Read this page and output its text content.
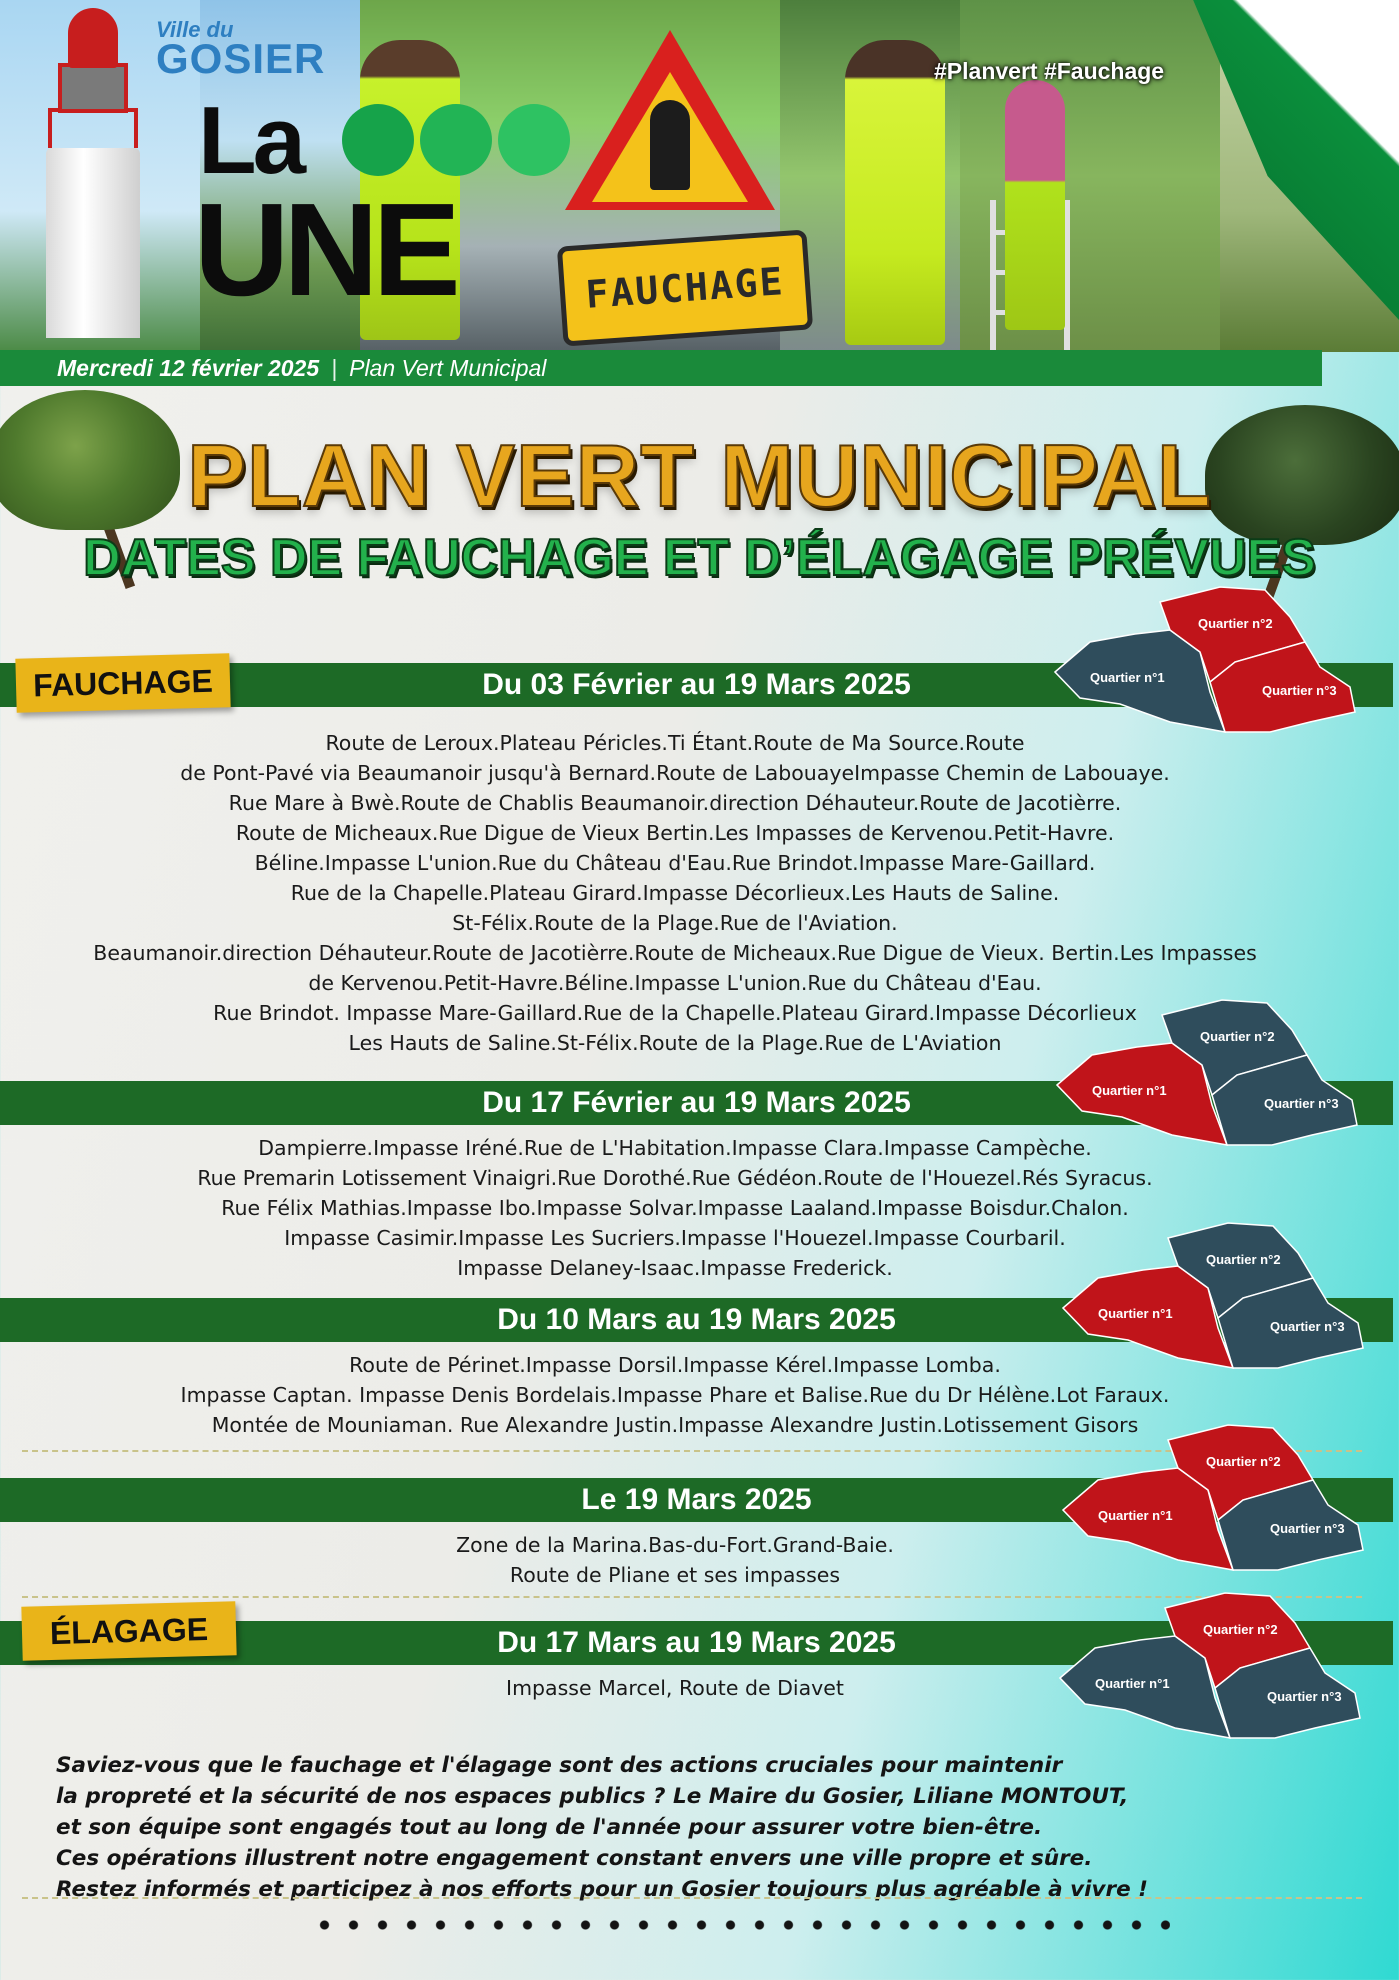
FAUCHAGE
Ville du
GOSIER
La
UNE
#Planvert #Fauchage
Mercredi 12 février 2025 | Plan Vert Municipal
PLAN VERT MUNICIPAL
DATES DE FAUCHAGE ET D’ÉLAGAGE PRÉVUES
Du 03 Février au 19 Mars 2025
FAUCHAGE	Quartier n°1
Quartier n°2
Quartier n°3
Route de Leroux.Plateau Péricles.Ti Étant.Route de Ma Source.Route
de Pont-Pavé via Beaumanoir jusqu'à Bernard.Route de LabouayeImpasse Chemin de Labouaye.
Rue Mare à Bwè.Route de Chablis Beaumanoir.direction Déhauteur.Route de Jacotièrre.
Route de Micheaux.Rue Digue de Vieux Bertin.Les Impasses de Kervenou.Petit-Havre.
Béline.Impasse L'union.Rue du Château d'Eau.Rue Brindot.Impasse Mare-Gaillard.
Rue de la Chapelle.Plateau Girard.Impasse Décorlieux.Les Hauts de Saline.
St-Félix.Route de la Plage.Rue de l'Aviation.
Beaumanoir.direction Déhauteur.Route de Jacotièrre.Route de Micheaux.Rue Digue de Vieux. Bertin.Les Impasses
de Kervenou.Petit-Havre.Béline.Impasse L'union.Rue du Château d'Eau.
Rue Brindot. Impasse Mare-Gaillard.Rue de la Chapelle.Plateau Girard.Impasse Décorlieux
Les Hauts de Saline.St-Félix.Route de la Plage.Rue de L'Aviation
Du 17 Février au 19 Mars 2025	Quartier n°1
Quartier n°2
Quartier n°3
Dampierre.Impasse Iréné.Rue de L'Habitation.Impasse Clara.Impasse Campèche.
Rue Premarin Lotissement Vinaigri.Rue Dorothé.Rue Gédéon.Route de l'Houezel.Rés Syracus.
Rue Félix Mathias.Impasse Ibo.Impasse Solvar.Impasse Laaland.Impasse Boisdur.Chalon.
Impasse Casimir.Impasse Les Sucriers.Impasse l'Houezel.Impasse Courbaril.
Impasse Delaney-Isaac.Impasse Frederick.
Du 10 Mars au 19 Mars 2025	Quartier n°1
Quartier n°2
Quartier n°3
Route de Périnet.Impasse Dorsil.Impasse Kérel.Impasse Lomba.
Impasse Captan. Impasse Denis Bordelais.Impasse Phare et Balise.Rue du Dr Hélène.Lot Faraux.
Montée de Mouniaman. Rue Alexandre Justin.Impasse Alexandre Justin.Lotissement Gisors
Le 19 Mars 2025	Quartier n°1
Quartier n°2
Quartier n°3
Zone de la Marina.Bas-du-Fort.Grand-Baie.
Route de Pliane et ses impasses
Du 17 Mars au 19 Mars 2025
ÉLAGAGE
Quartier n°1
Quartier n°2
Quartier n°3
Impasse Marcel, Route de Diavet
Saviez-vous que le fauchage et l'élagage sont des actions cruciales pour maintenir
la propreté et la sécurité de nos espaces publics ? Le Maire du Gosier, Liliane MONTOUT,
et son équipe sont engagés tout au long de l'année pour assurer votre bien-être.
Ces opérations illustrent notre engagement constant envers une ville propre et sûre.
Restez informés et participez à nos efforts pour un Gosier toujours plus agréable à vivre !
